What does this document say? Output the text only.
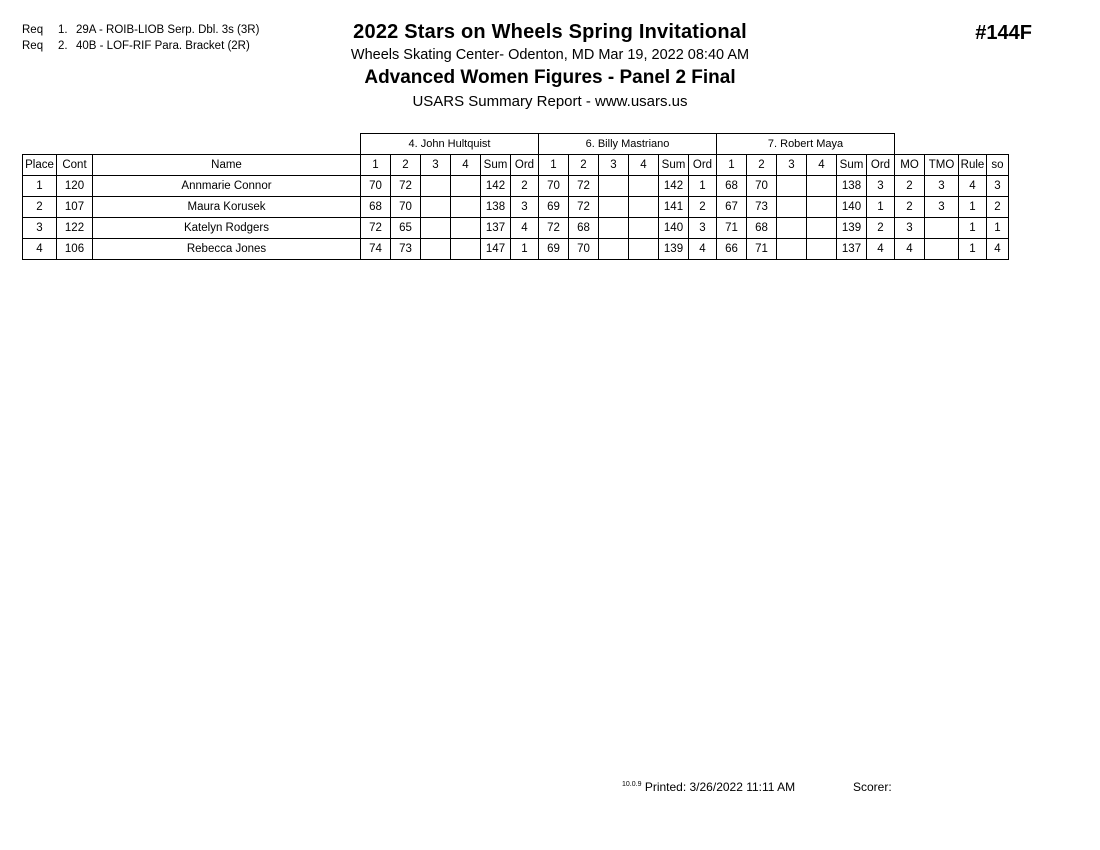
Req 1. 29A - ROIB-LIOB Serp. Dbl. 3s (3R)
Req 2. 40B - LOF-RIF Para. Bracket (2R)
2022 Stars on Wheels Spring Invitational
Wheels Skating Center- Odenton, MD Mar 19, 2022 08:40 AM
Advanced Women Figures - Panel 2 Final
USARS Summary Report - www.usars.us
#144F
			4. John Hultquist						6. Billy Mastriano						7. Robert Maya									
Place	Cont	Name	1	2	3	4	Sum	Ord	1	2	3	4	Sum	Ord	1	2	3	4	Sum	Ord	MO	TMO	Rule	so
1	120	Annmarie Connor	70	72			142	2	70	72			142	1	68	70			138	3	2	3	4	3
2	107	Maura Korusek	68	70			138	3	69	72			141	2	67	73			140	1	2	3	1	2
3	122	Katelyn Rodgers	72	65			137	4	72	68			140	3	71	68			139	2	3		1	1
4	106	Rebecca Jones	74	73			147	1	69	70			139	4	66	71			137	4	4		1	4
$^{10.0.9}$ Printed: 3/26/2022 11:11 AM	Scorer:
